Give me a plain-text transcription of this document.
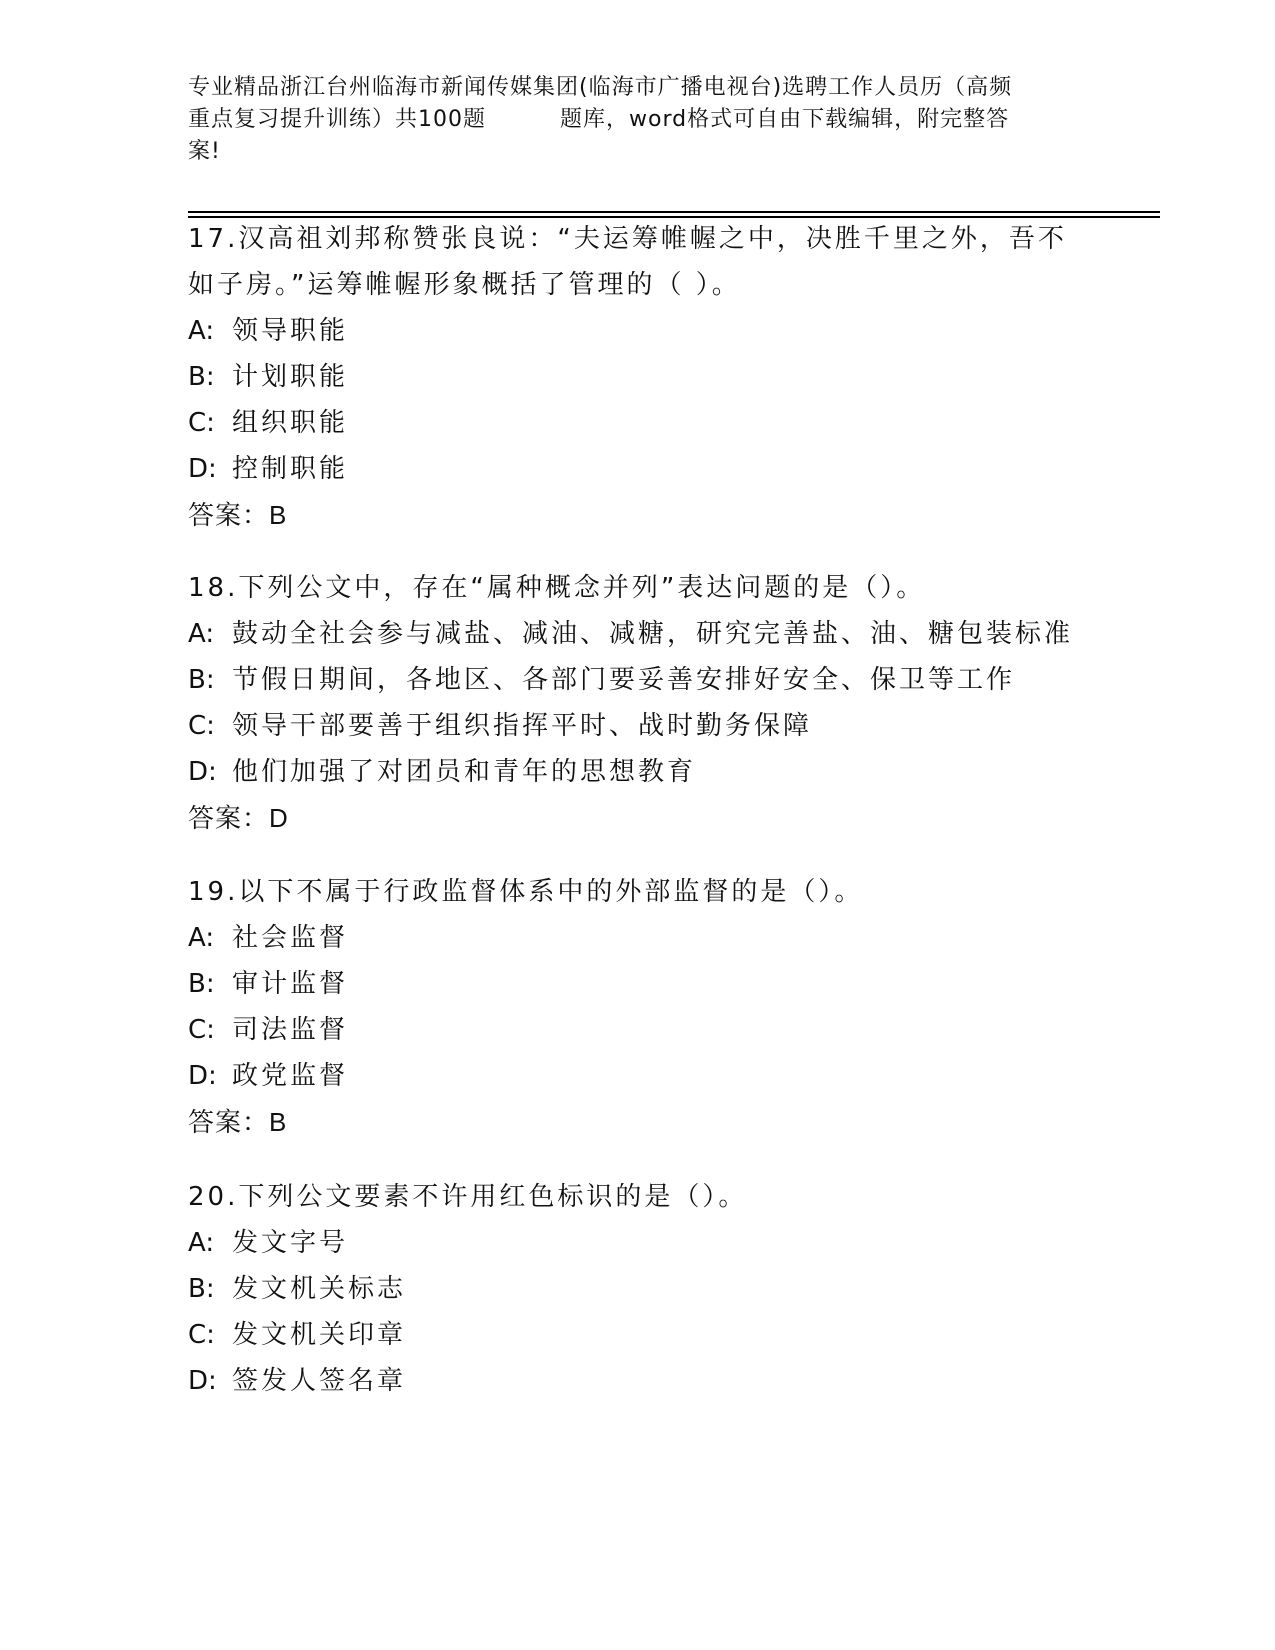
专业精品浙江台州临海市新闻传媒集团(临海市广播电视台)选聘工作人员历（高频
重点复习提升训练）共100题	题库，word格式可自由下载编辑，附完整答
案!
17.汉高祖刘邦称赞张良说：“夫运筹帷幄之中，决胜千里之外，吾不
如子房。”运筹帷幄形象概括了管理的（ ）。
A: 领导职能
B: 计划职能
C: 组织职能
D: 控制职能
答案：B
18.下列公文中，存在“属种概念并列”表达问题的是（）。
A: 鼓动全社会参与减盐、减油、减糖，研究完善盐、油、糖包装标准
B: 节假日期间，各地区、各部门要妥善安排好安全、保卫等工作
C: 领导干部要善于组织指挥平时、战时勤务保障
D: 他们加强了对团员和青年的思想教育
答案：D
19.以下不属于行政监督体系中的外部监督的是（）。
A: 社会监督
B: 审计监督
C: 司法监督
D: 政党监督
答案：B
20.下列公文要素不许用红色标识的是（）。
A: 发文字号
B: 发文机关标志
C: 发文机关印章
D: 签发人签名章
